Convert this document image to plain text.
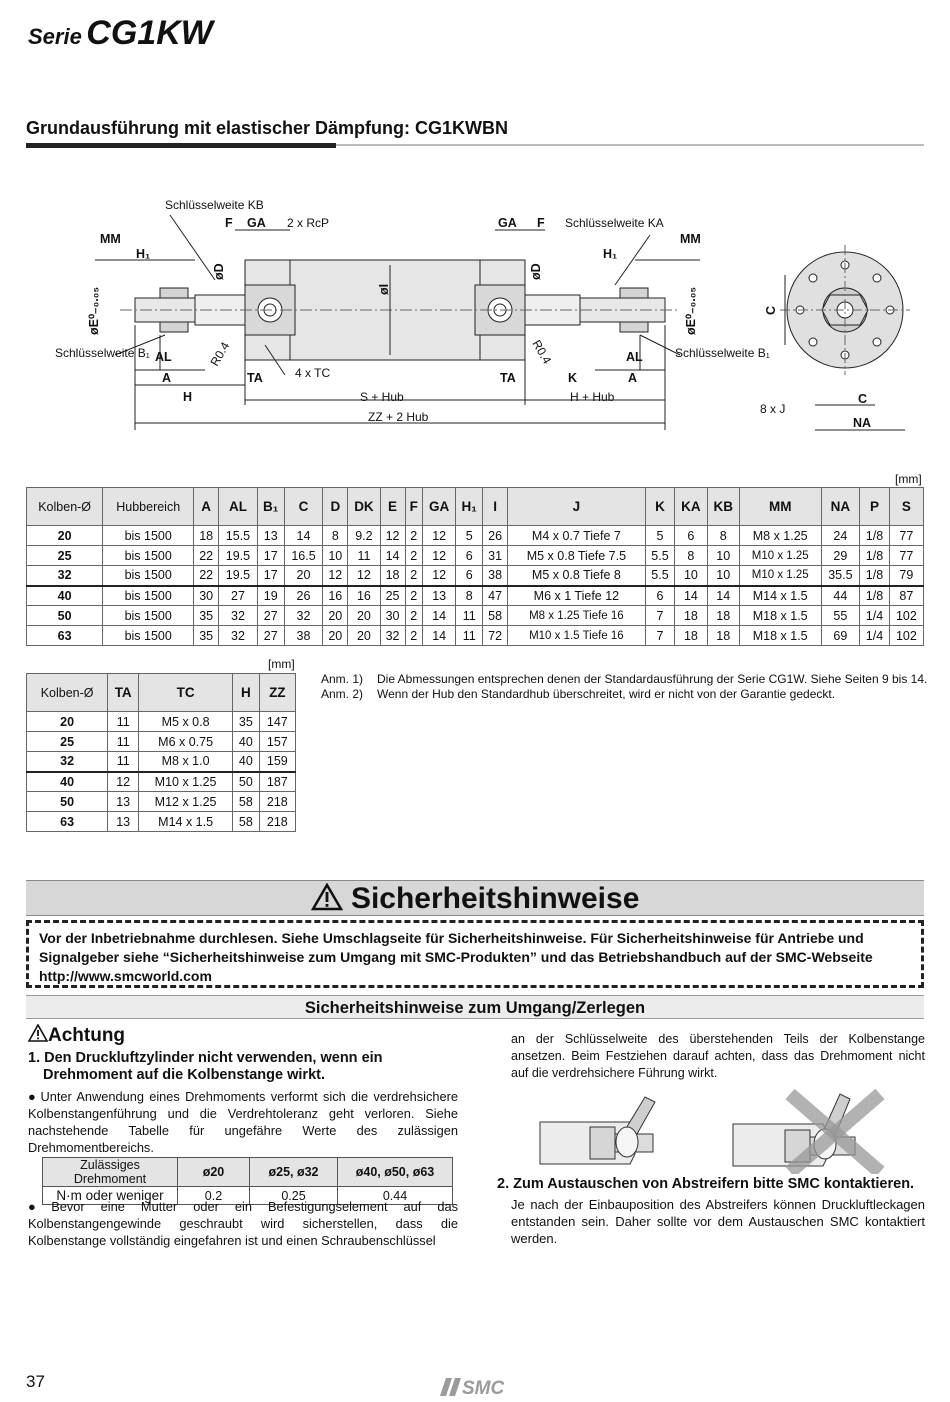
Serie CG1KW
Grundausführung mit elastischer Dämpfung: CG1KWBN
Schlüsselweite KB
Schlüsselweite KA
F GA 2 x RcP	GA F
MM	MM
H₁	H₁
øD	øD
øI
øE⁰₋₀.₀₅	øE⁰₋₀.₀₅
R0.4	R0.4
Schlüsselweite B₁	Schlüsselweite B₁
AL	AL
A	A
TA	TA
4 x TC	K
H	S + Hub	H + Hub
ZZ + 2 Hub
C
C
NA
8 x J
[mm]
Kolben-Ø	Hubbereich	A	AL	B₁	C	D	DK	E	F	GA	H₁	I	J	K	KA	KB	MM	NA	P	S
20	bis 1500	18	15.5	13	14	8	9.2	12	2	12	5	26	M4 x 0.7 Tiefe 7	5	6	8	M8 x 1.25	24	1/8	77
25	bis 1500	22	19.5	17	16.5	10	11	14	2	12	6	31	M5 x 0.8 Tiefe 7.5	5.5	8	10	M10 x 1.25	29	1/8	77
32	bis 1500	22	19.5	17	20	12	12	18	2	12	6	38	M5 x 0.8 Tiefe 8	5.5	10	10	M10 x 1.25	35.5	1/8	79
40	bis 1500	30	27	19	26	16	16	25	2	13	8	47	M6 x 1 Tiefe 12	6	14	14	M14 x 1.5	44	1/8	87
50	bis 1500	35	32	27	32	20	20	30	2	14	11	58	M8 x 1.25 Tiefe 16	7	18	18	M18 x 1.5	55	1/4	102
63	bis 1500	35	32	27	38	20	20	32	2	14	11	72	M10 x 1.5 Tiefe 16	7	18	18	M18 x 1.5	69	1/4	102
[mm]
Kolben-Ø	TA	TC	H	ZZ
20	11	M5 x 0.8	35	147
25	11	M6 x 0.75	40	157
32	11	M8 x 1.0	40	159
40	12	M10 x 1.25	50	187
50	13	M12 x 1.25	58	218
63	13	M14 x 1.5	58	218
Anm. 1)	Die Abmessungen entsprechen denen der Standardausführung der Serie CG1W. Siehe Seiten 9 bis 14.
Anm. 2)	Wenn der Hub den Standardhub überschreitet, wird er nicht von der Garantie gedeckt.
Sicherheitshinweise
Vor der Inbetriebnahme durchlesen. Siehe Umschlagseite für Sicherheitshinweise. Für Sicherheitshinweise für Antriebe und Signalgeber siehe “Sicherheitshinweise zum Umgang mit SMC-Produkten” und das Betriebshandbuch auf der SMC-Webseite http://www.smcworld.com
Sicherheitshinweise zum Umgang/Zerlegen
Achtung
1. Den Druckluftzylinder nicht verwenden, wenn ein
Drehmoment auf die Kolbenstange wirkt.
● Unter Anwendung eines Drehmoments verformt sich die verdrehsichere Kolbenstangenführung und die Verdrehtoleranz geht verloren. Siehe nachstehende Tabelle für ungefähre Werte des zulässigen Drehmomentbereichs.
Zulässiges Drehmoment	ø20	ø25, ø32	ø40, ø50, ø63
N·m oder weniger	0.2	0.25	0.44
● Bevor eine Mutter oder ein Befestigungselement auf das Kolbenstangengewinde geschraubt wird sicherstellen, dass die Kolbenstange vollständig eingefahren ist und einen Schraubenschlüssel
an der Schlüsselweite des überstehenden Teils der Kolbenstange ansetzen. Beim Festziehen darauf achten, dass das Drehmoment nicht auf die verdrehsichere Führung wirkt.
2. Zum Austauschen von Abstreifern bitte SMC kontaktieren.
Je nach der Einbauposition des Abstreifers können Druckluftleckagen entstanden sein. Daher sollte vor dem Austauschen SMC kontaktiert werden.
37	SMC
